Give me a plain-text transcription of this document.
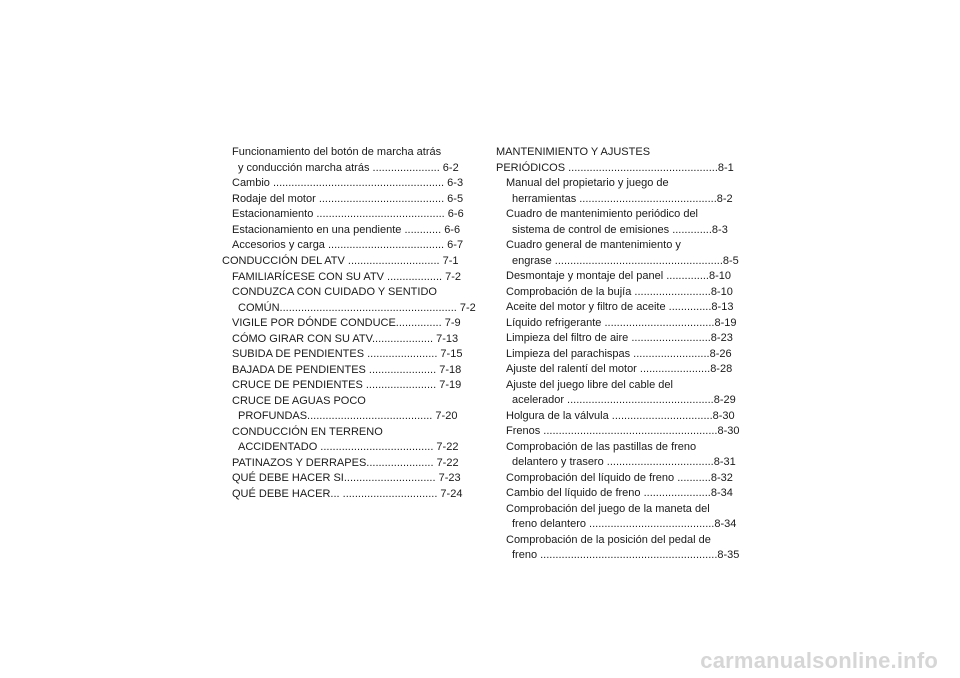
Funcionamiento del botón de marcha atrás
y conducción marcha atrás ...................... 6-2
Cambio ........................................................ 6-3
Rodaje del motor ......................................... 6-5
Estacionamiento .......................................... 6-6
Estacionamiento en una pendiente ............ 6-6
Accesorios y carga ...................................... 6-7
CONDUCCIÓN DEL ATV .............................. 7-1
FAMILIARÍCESE CON SU ATV .................. 7-2
CONDUZCA CON CUIDADO Y SENTIDO
COMÚN.......................................................... 7-2
VIGILE POR DÓNDE CONDUCE............... 7-9
CÓMO GIRAR CON SU ATV.................... 7-13
SUBIDA DE PENDIENTES ....................... 7-15
BAJADA DE PENDIENTES ...................... 7-18
CRUCE DE PENDIENTES ....................... 7-19
CRUCE DE AGUAS POCO
PROFUNDAS......................................... 7-20
CONDUCCIÓN EN TERRENO
ACCIDENTADO ..................................... 7-22
PATINAZOS Y DERRAPES...................... 7-22
QUÉ DEBE HACER SI.............................. 7-23
QUÉ DEBE HACER... ............................... 7-24
MANTENIMIENTO Y AJUSTES
PERIÓDICOS .................................................8-1
Manual del propietario y juego de
herramientas .............................................8-2
Cuadro de mantenimiento periódico del
sistema de control de emisiones .............8-3
Cuadro general de mantenimiento y
engrase .......................................................8-5
Desmontaje y montaje del panel ..............8-10
Comprobación de la bujía .........................8-10
Aceite del motor y filtro de aceite ..............8-13
Líquido refrigerante ....................................8-19
Limpieza del filtro de aire ..........................8-23
Limpieza del parachispas .........................8-26
Ajuste del ralentí del motor .......................8-28
Ajuste del juego libre del cable del
acelerador ................................................8-29
Holgura de la válvula .................................8-30
Frenos .........................................................8-30
Comprobación de las pastillas de freno
delantero y trasero ...................................8-31
Comprobación del líquido de freno ...........8-32
Cambio del líquido de freno ......................8-34
Comprobación del juego de la maneta del
freno delantero .........................................8-34
Comprobación de la posición del pedal de
freno ..........................................................8-35
carmanualsonline.info
